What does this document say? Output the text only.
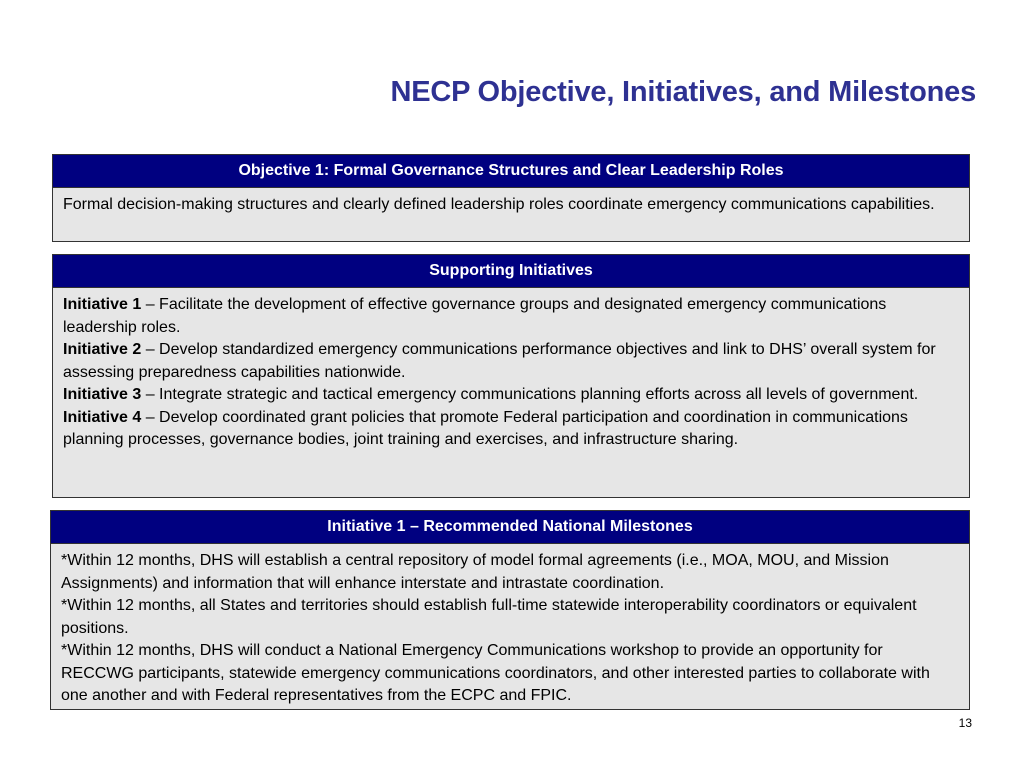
NECP Objective, Initiatives, and Milestones
Objective 1: Formal Governance Structures and Clear Leadership Roles
Formal decision-making structures and clearly defined leadership roles coordinate emergency communications capabilities.
Supporting Initiatives
Initiative 1 – Facilitate the development of effective governance groups and designated emergency communications leadership roles.
Initiative 2 – Develop standardized emergency communications performance objectives and link to DHS’ overall system for assessing preparedness capabilities nationwide.
Initiative 3 – Integrate strategic and tactical emergency communications planning efforts across all levels of government.
Initiative 4 – Develop coordinated grant policies that promote Federal participation and coordination in communications planning processes, governance bodies, joint training and exercises, and infrastructure sharing.
Initiative 1 – Recommended National Milestones
*Within 12 months, DHS will establish a central repository of model formal agreements (i.e., MOA, MOU, and Mission Assignments) and information that will enhance interstate and intrastate coordination.
*Within 12 months, all States and territories should establish full-time statewide interoperability coordinators or equivalent positions.
*Within 12 months, DHS will conduct a National Emergency Communications workshop to provide an opportunity for RECCWG participants, statewide emergency communications coordinators, and other interested parties to collaborate with one another and with Federal representatives from the ECPC and FPIC.
13
